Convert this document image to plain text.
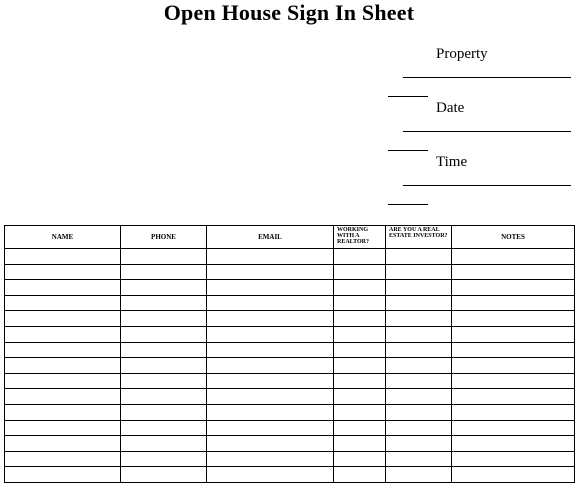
Open House Sign In Sheet
Property
Date
Time
NAME	PHONE	EMAIL	WORKING WITH A REALTOR?	ARE YOU A REAL ESTATE INVESTOR?	NOTES
